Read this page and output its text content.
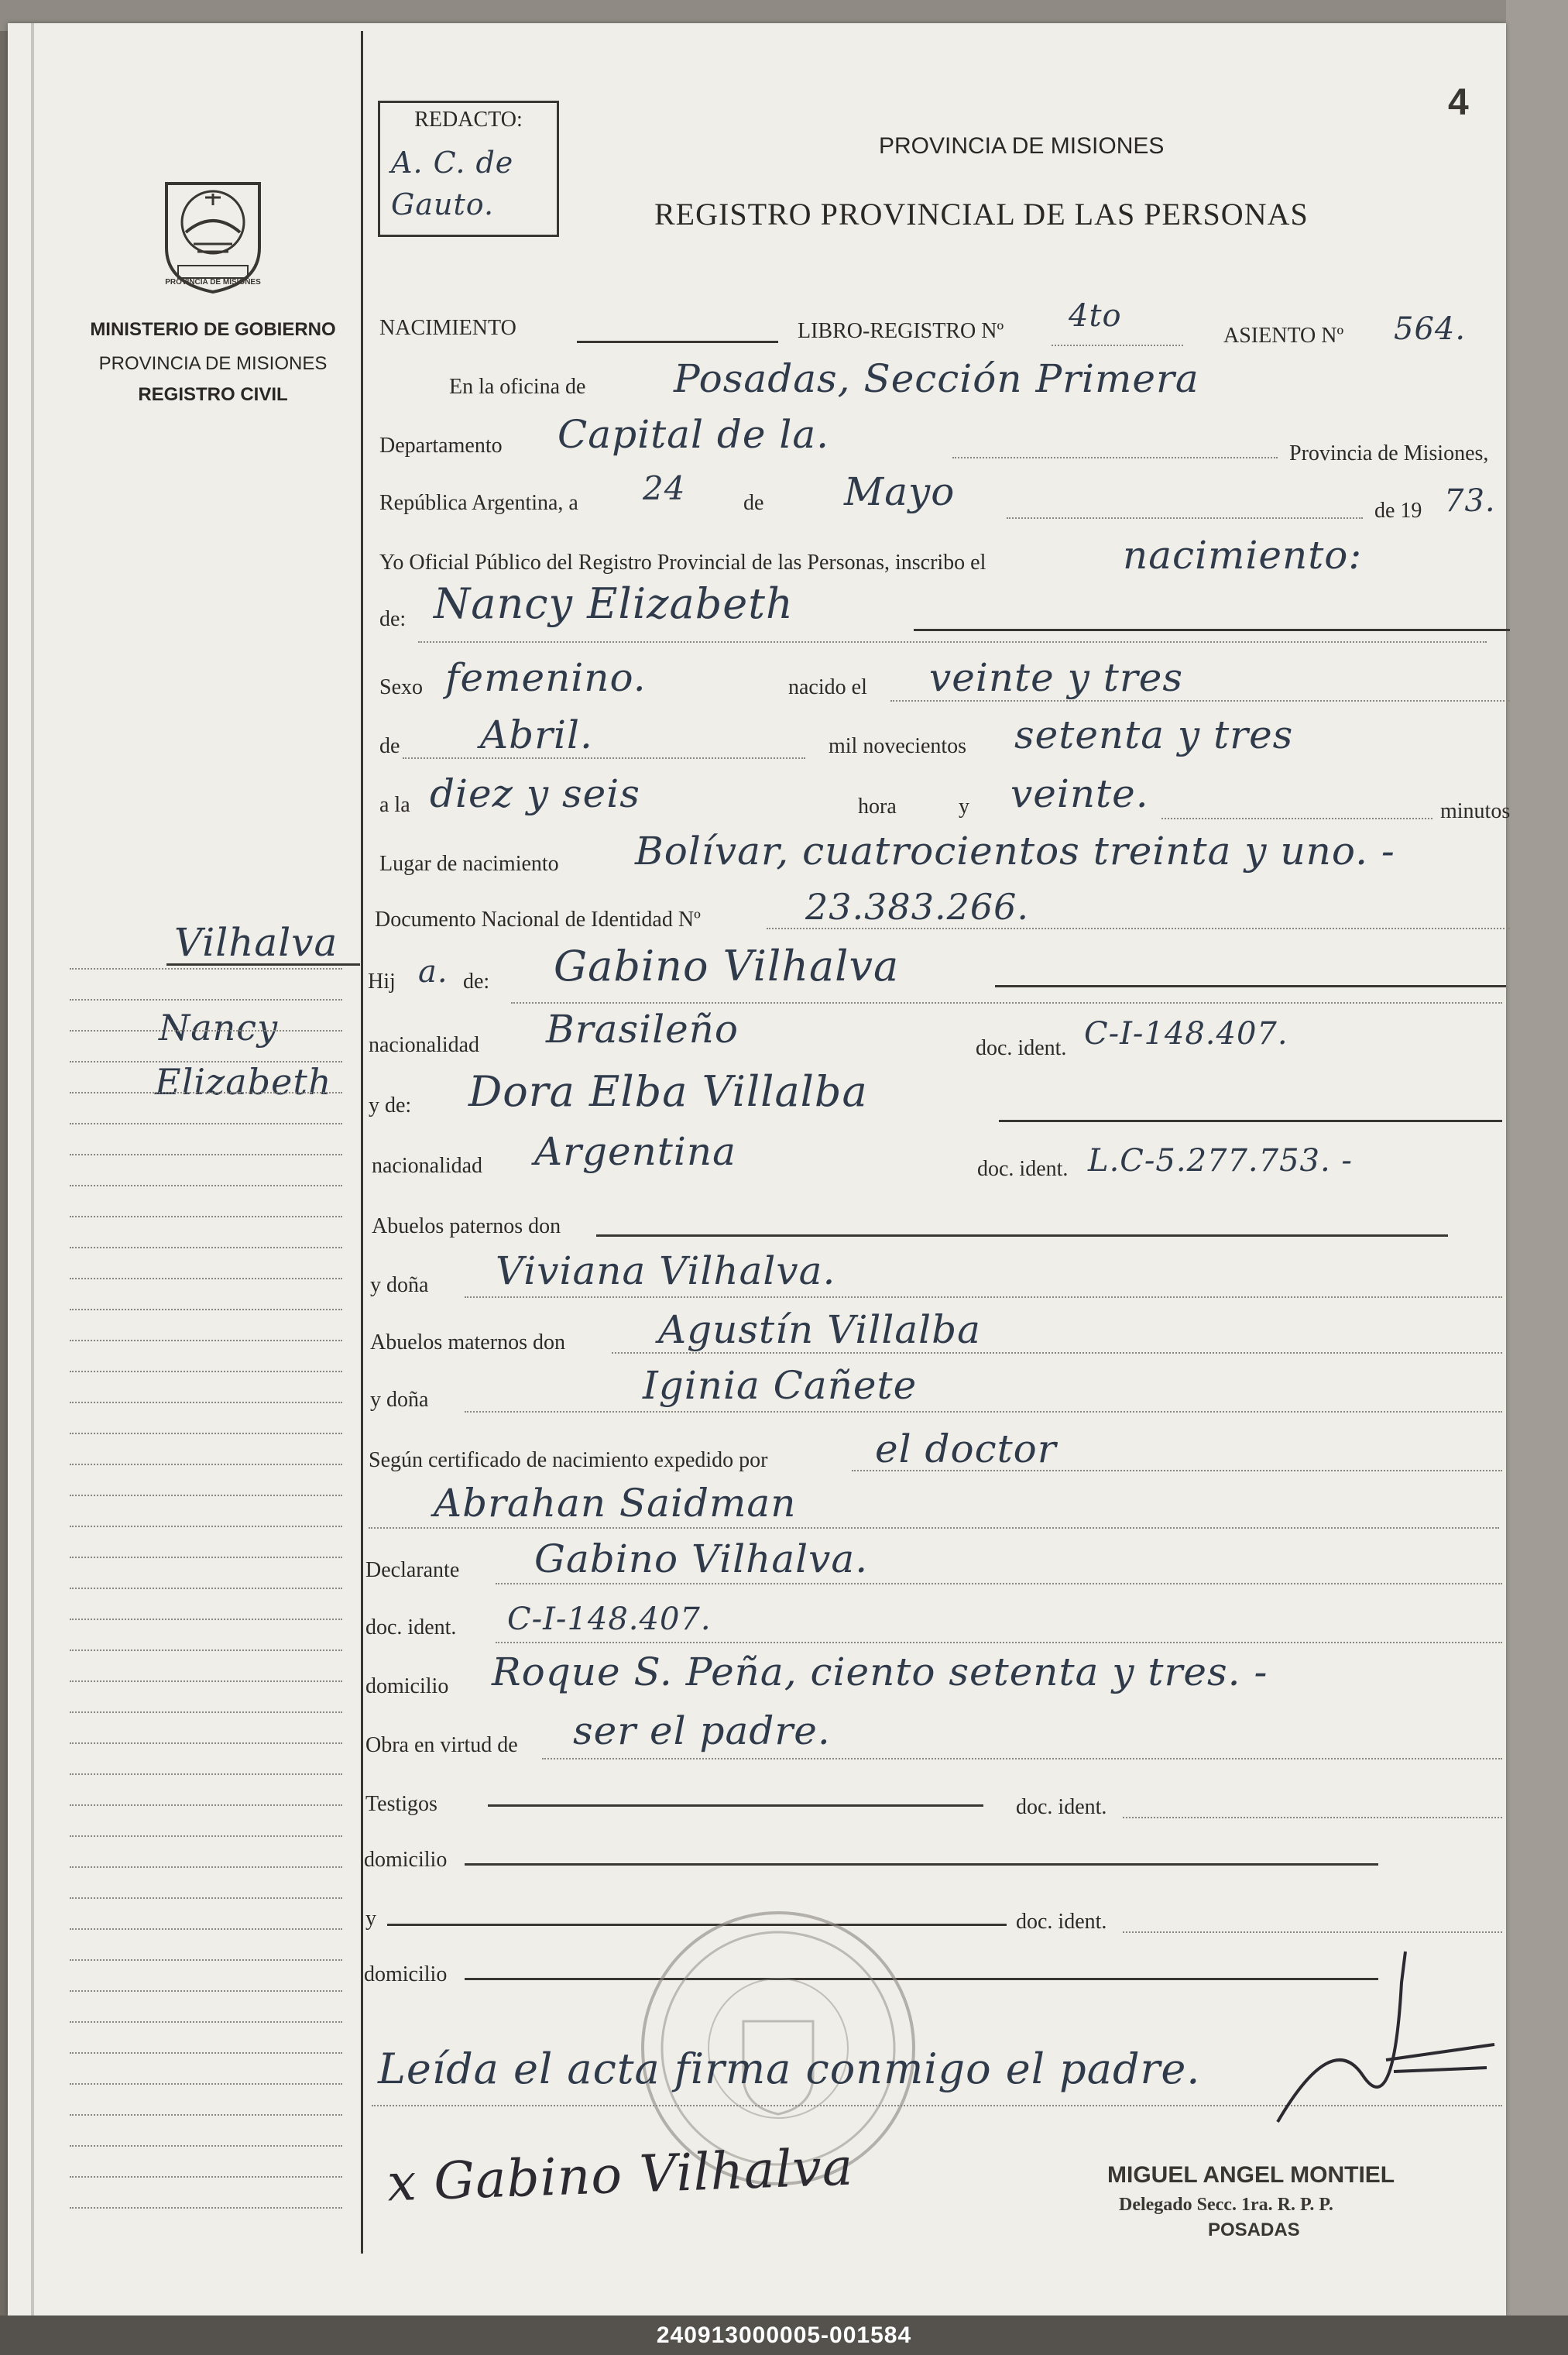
PROVINCIA DE MISIONES
MINISTERIO DE GOBIERNO
PROVINCIA DE MISIONES
REGISTRO CIVIL
REDACTO:
A. C. de Gauto.
PROVINCIA DE MISIONES
REGISTRO PROVINCIAL DE LAS PERSONAS
4
NACIMIENTO	LIBRO-REGISTRO Nº 4to
ASIENTO Nº 564.
En la oficina de Posadas, Sección Primera
Departamento Capital de la.	Provincia de Misiones,
República Argentina, a 24	de Mayo	de 19 73.
Yo Oficial Público del Registro Provincial de las Personas, inscribo el	nacimiento:
de: Nancy Elizabeth
Sexo femenino.	nacido el veinte y tres
de Abril.	mil novecientos setenta y tres
a la diez y seis	hora	y veinte.	minutos
Lugar de nacimiento Bolívar, cuatrocientos treinta y uno. -
Documento Nacional de Identidad Nº	23.383.266.
Hij a. de: Gabino Vilhalva
nacionalidad Brasileño	doc. ident. C-I-148.407.
y de: Dora Elba Villalba
nacionalidad Argentina	doc. ident. L.C-5.277.753. -
Abuelos paternos don
y doña Viviana Vilhalva.
Abuelos maternos don Agustín Villalba
y doña	Iginia Cañete
Según certificado de nacimiento expedido por	el doctor
Abrahan Saidman
Declarante Gabino Vilhalva.
doc. ident. C-I-148.407.
domicilio Roque S. Peña, ciento setenta y tres. -
Obra en virtud de ser el padre.
Testigos	doc. ident.
domicilio
y	doc. ident.
domicilio
Leída el acta firma conmigo el padre.
x Gabino Vilhalva	MIGUEL ANGEL MONTIEL
Delegado Secc. 1ra. R. P. P.
POSADAS
Vilhalva
Nancy
Elizabeth
240913000005-001584
